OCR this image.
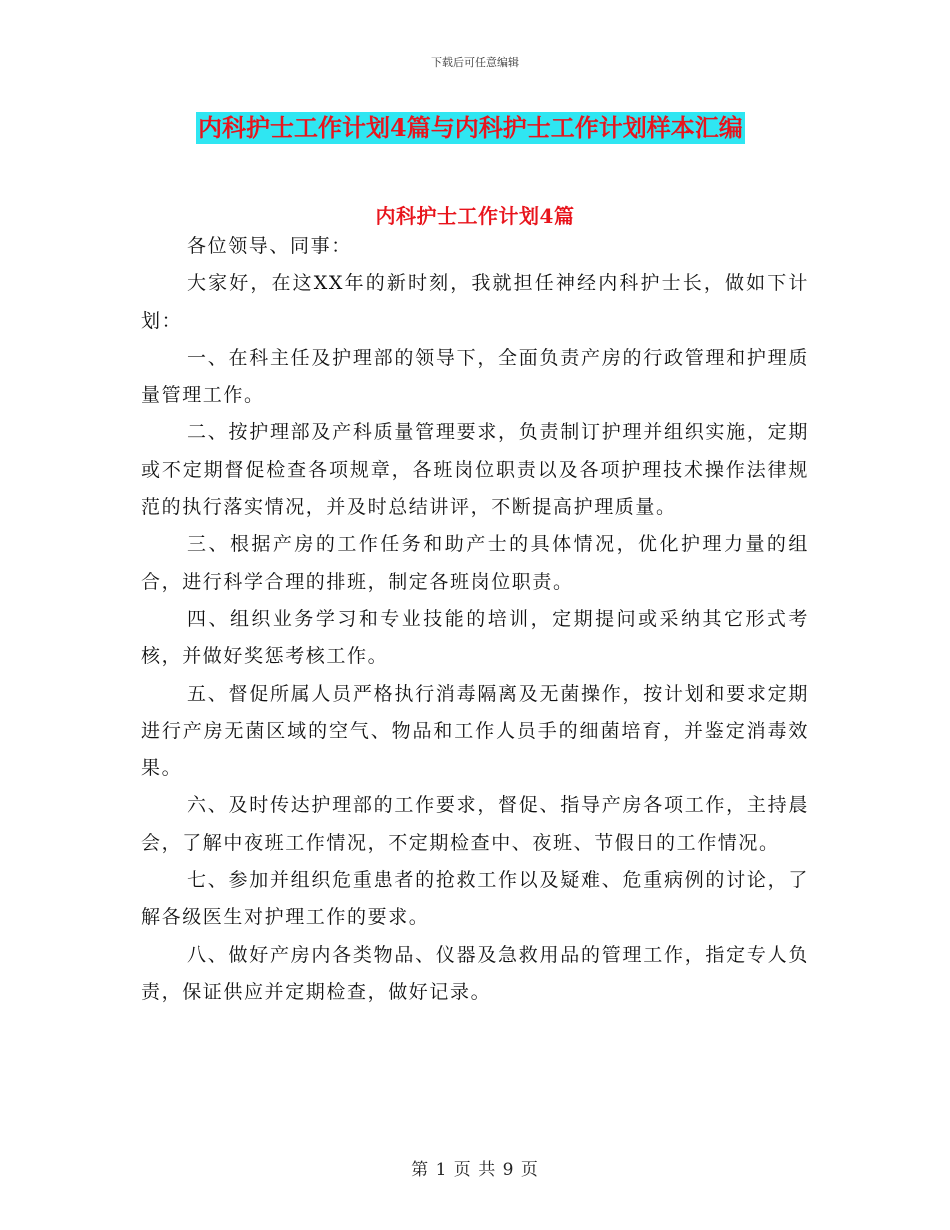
下载后可任意编辑
内科护士工作计划4篇与内科护士工作计划样本汇编
内科护士工作计划4篇

各位领导、同事：

大家好，在这XX年的新时刻，我就担任神经内科护士长，做如下计划：

一、在科主任及护理部的领导下，全面负责产房的行政管理和护理质量管理工作。

二、按护理部及产科质量管理要求，负责制订护理并组织实施，定期或不定期督促检查各项规章，各班岗位职责以及各项护理技术操作法律规范的执行落实情况，并及时总结讲评，不断提高护理质量。

三、根据产房的工作任务和助产士的具体情况，优化护理力量的组合，进行科学合理的排班，制定各班岗位职责。

四、组织业务学习和专业技能的培训，定期提问或采纳其它形式考核，并做好奖惩考核工作。

五、督促所属人员严格执行消毒隔离及无菌操作，按计划和要求定期进行产房无菌区域的空气、物品和工作人员手的细菌培育，并鉴定消毒效果。

六、及时传达护理部的工作要求，督促、指导产房各项工作，主持晨会，了解中夜班工作情况，不定期检查中、夜班、节假日的工作情况。

七、参加并组织危重患者的抢救工作以及疑难、危重病例的讨论，了解各级医生对护理工作的要求。

八、做好产房内各类物品、仪器及急救用品的管理工作，指定专人负责，保证供应并定期检查，做好记录。

第 1 页 共 9 页
